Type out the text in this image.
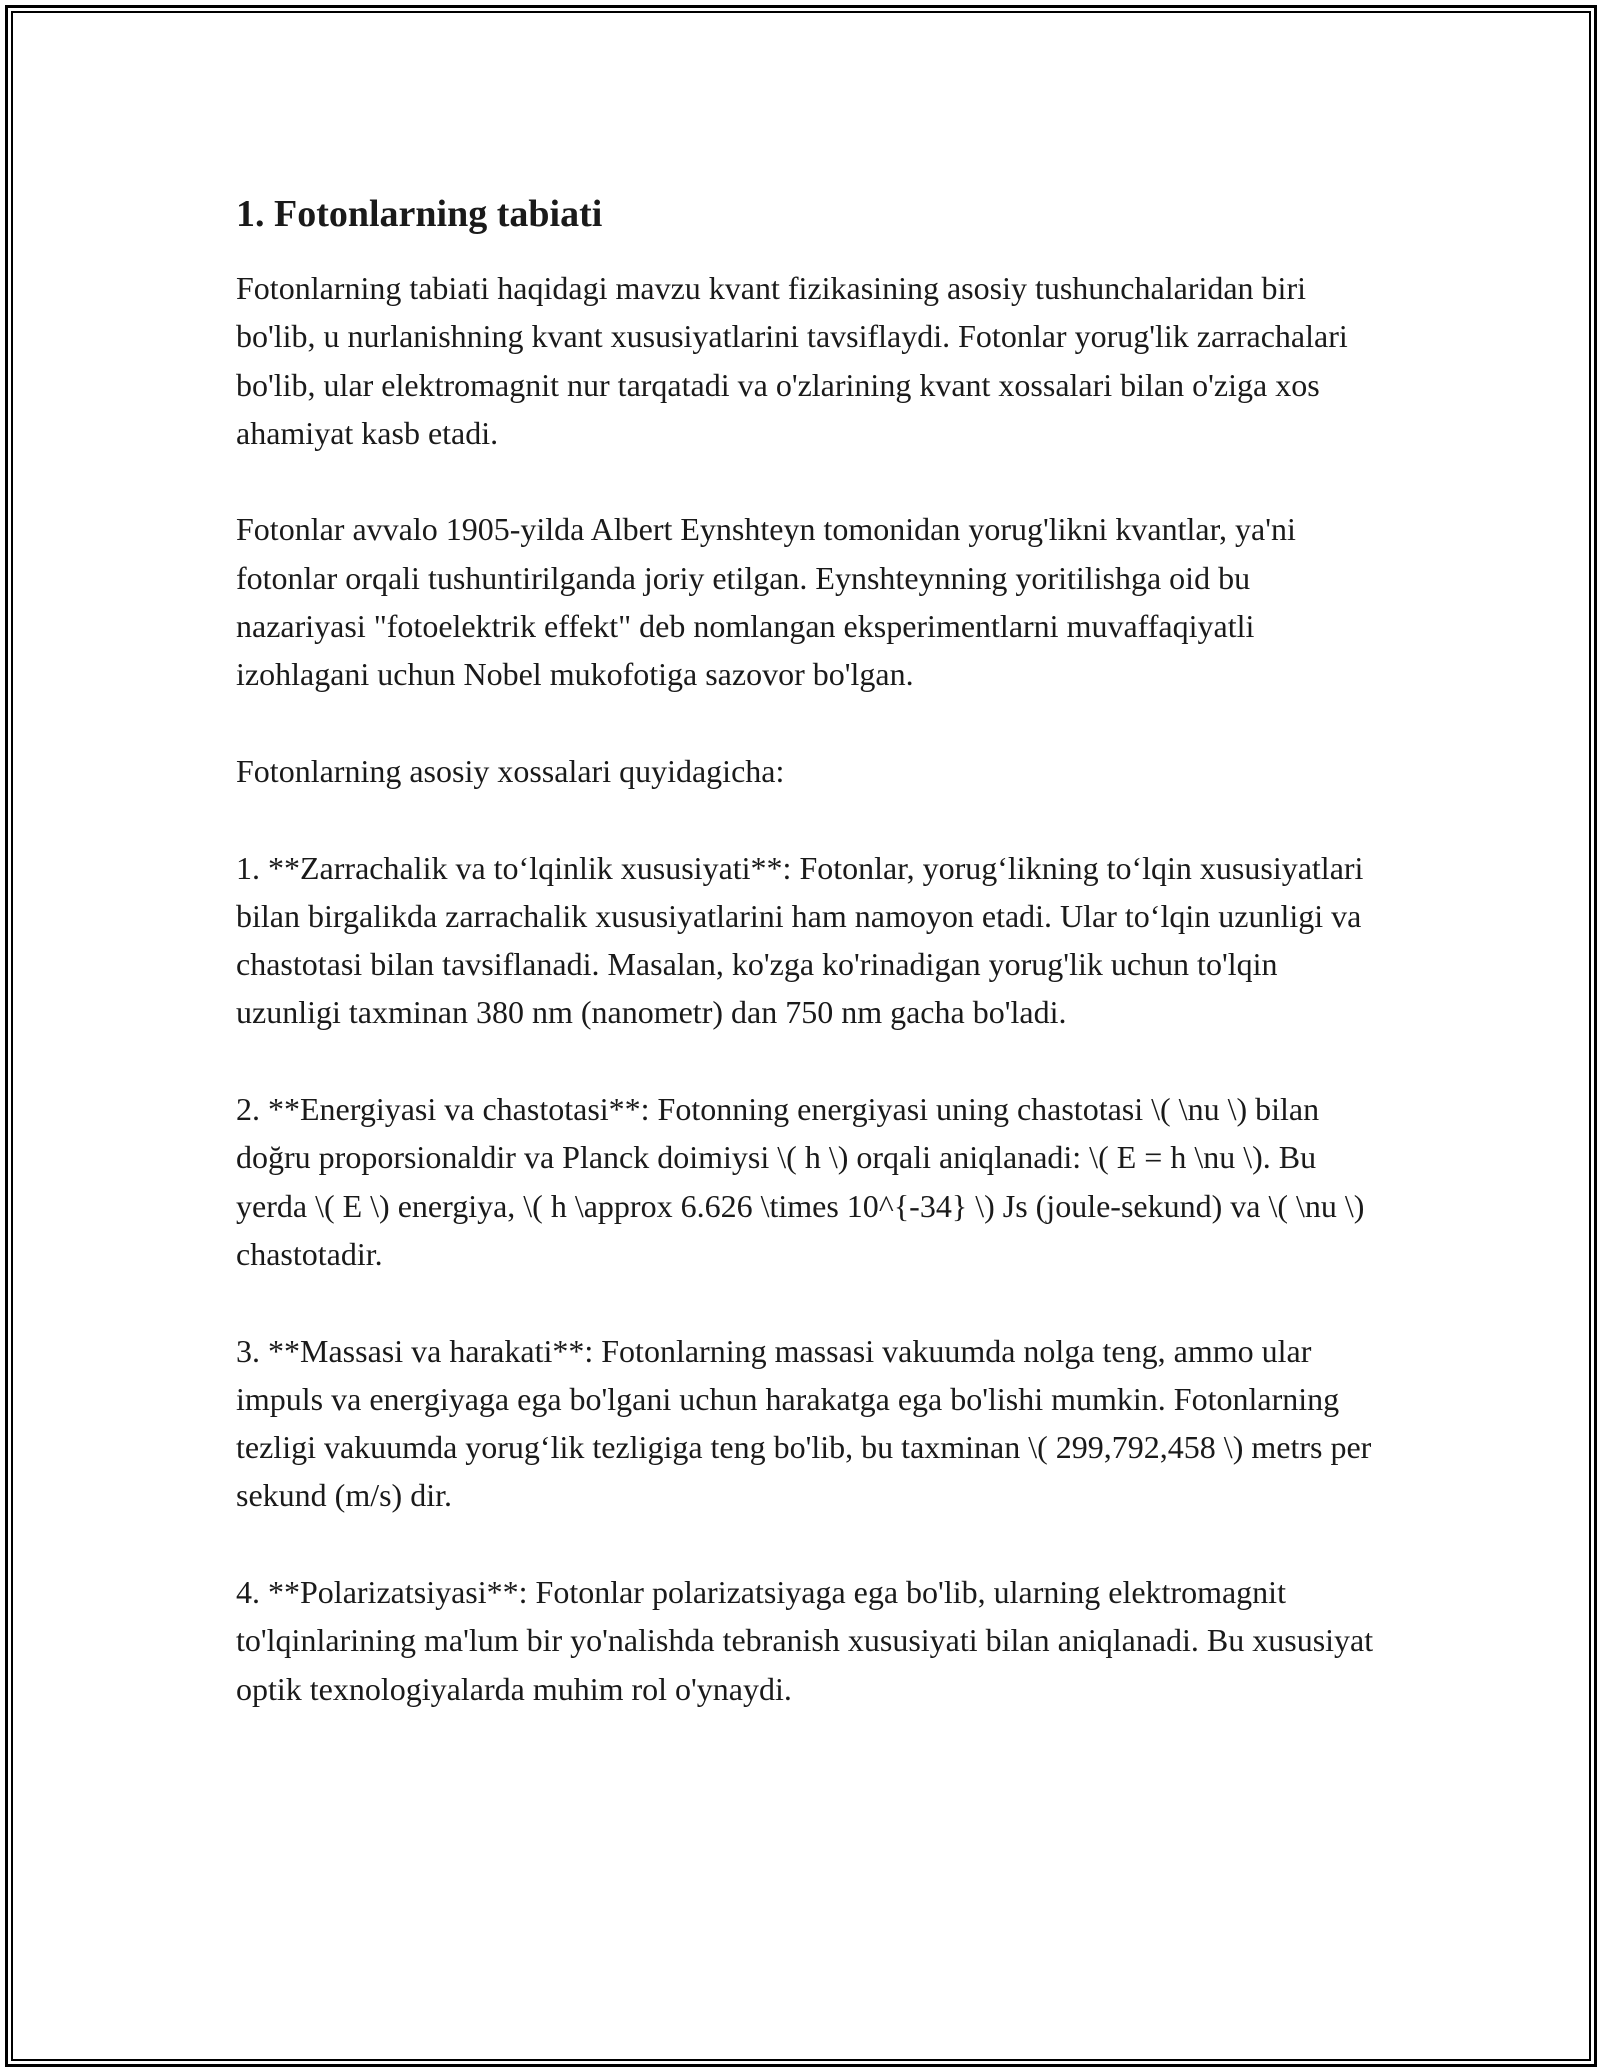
1. Fotonlarning tabiati

Fotonlarning tabiati haqidagi mavzu kvant fizikasining asosiy tushunchalaridan biri bo'lib, u nurlanishning kvant xususiyatlarini tavsiflaydi. Fotonlar yorug'lik zarrachalari bo'lib, ular elektromagnit nur tarqatadi va o'zlarining kvant xossalari bilan o'ziga xos ahamiyat kasb etadi.

Fotonlar avvalo 1905-yilda Albert Eynshteyn tomonidan yorug'likni kvantlar, ya'ni fotonlar orqali tushuntirilganda joriy etilgan. Eynshteynning yoritilishga oid bu nazariyasi "fotoelektrik effekt" deb nomlangan eksperimentlarni muvaffaqiyatli izohlagani uchun Nobel mukofotiga sazovor bo'lgan.

Fotonlarning asosiy xossalari quyidagicha:

1. **Zarrachalik va toʻlqinlik xususiyati**: Fotonlar, yorugʻlikning toʻlqin xususiyatlari bilan birgalikda zarrachalik xususiyatlarini ham namoyon etadi. Ular toʻlqin uzunligi va chastotasi bilan tavsiflanadi. Masalan, ko'zga ko'rinadigan yorug'lik uchun to'lqin uzunligi taxminan 380 nm (nanometr) dan 750 nm gacha bo'ladi.

2. **Energiyasi va chastotasi**: Fotonning energiyasi uning chastotasi \( \nu \) bilan doğru proporsionaldir va Planck doimiysi \( h \) orqali aniqlanadi: \( E = h \nu \). Bu yerda \( E \) energiya, \( h \approx 6.626 \times 10^{-34} \) Js (joule-sekund) va \( \nu \) chastotadir.

3. **Massasi va harakati**: Fotonlarning massasi vakuumda nolga teng, ammo ular impuls va energiyaga ega bo'lgani uchun harakatga ega bo'lishi mumkin. Fotonlarning tezligi vakuumda yorugʻlik tezligiga teng bo'lib, bu taxminan \( 299,792,458 \) metrs per sekund (m/s) dir.

4. **Polarizatsiyasi**: Fotonlar polarizatsiyaga ega bo'lib, ularning elektromagnit to'lqinlarining ma'lum bir yo'nalishda tebranish xususiyati bilan aniqlanadi. Bu xususiyat optik texnologiyalarda muhim rol o'ynaydi.
